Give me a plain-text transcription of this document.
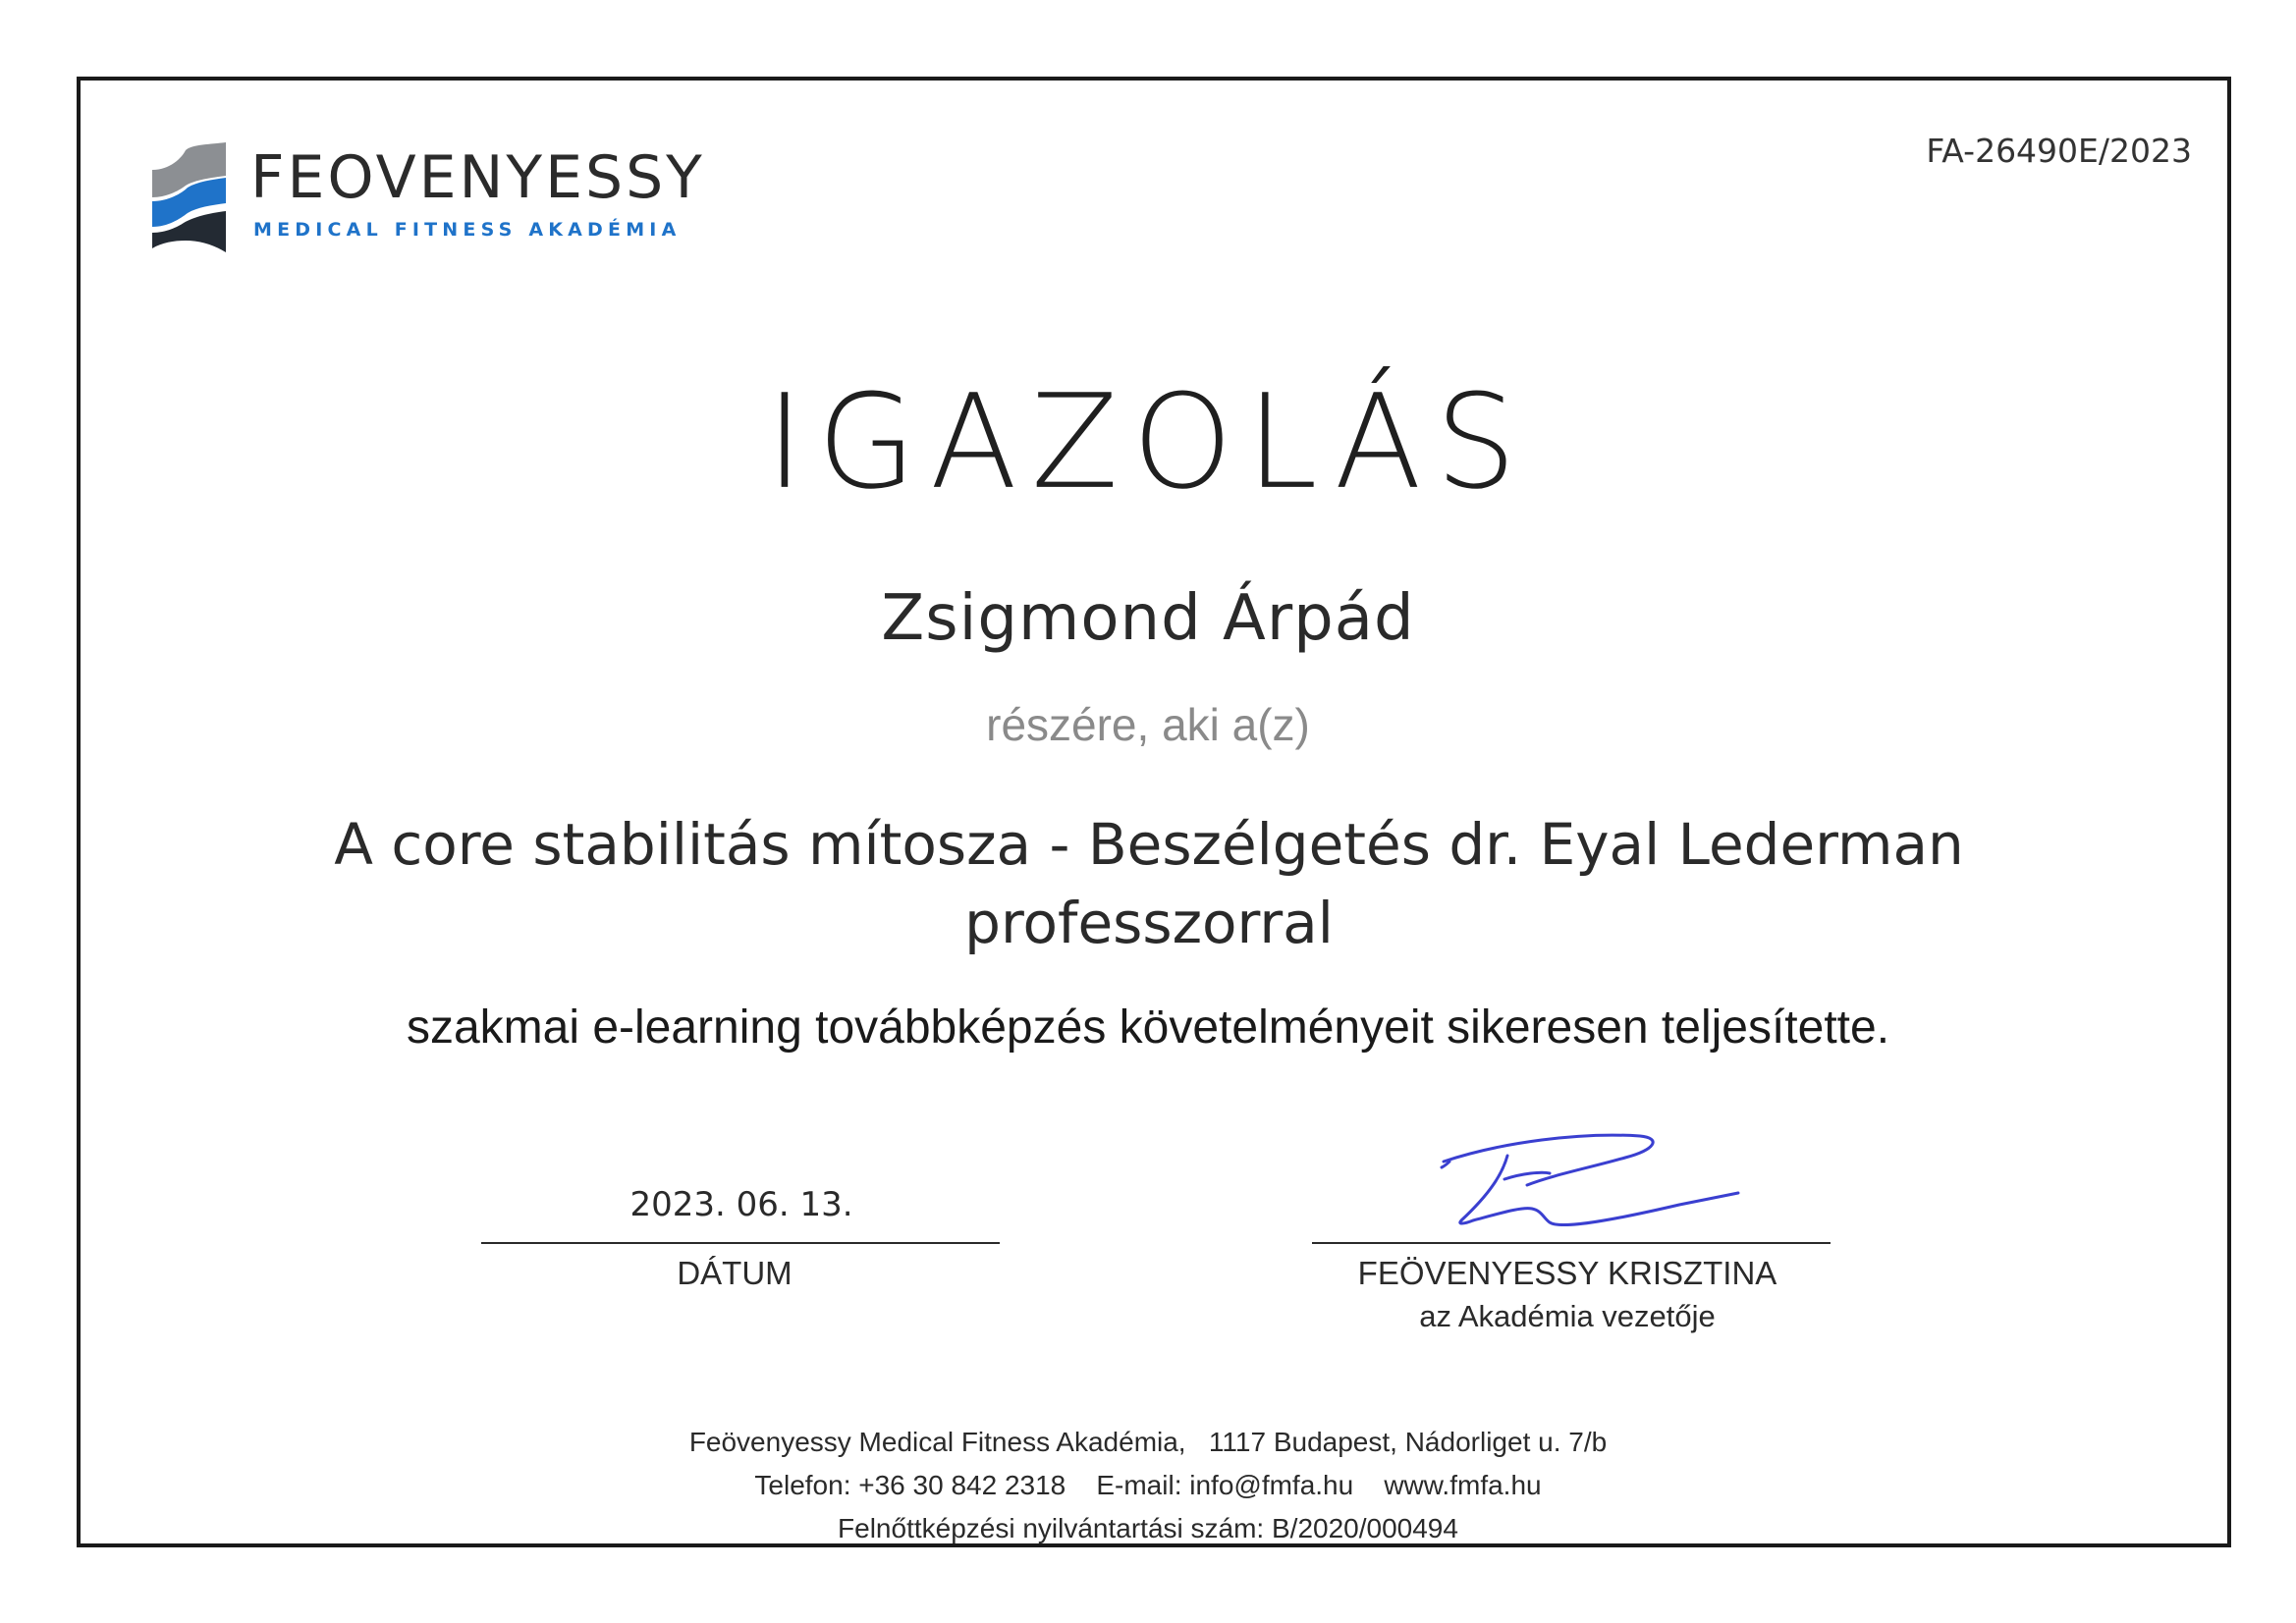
FEOVENYESSY
MEDICAL FITNESS AKADÉMIA
FA-26490E/2023
IGAZOLÁS
Zsigmond Árpád
részére, aki a(z)
A core stabilitás mítosza - Beszélgetés dr. Eyal Lederman professzorral
szakmai e-learning továbbképzés követelményeit sikeresen teljesítette.
2023. 06. 13.
DÁTUM	FEÖVENYESSY KRISZTINA
az Akadémia vezetője
Feövenyessy Medical Fitness Akadémia,   1117 Budapest, Nádorliget u. 7/b
Telefon: +36 30 842 2318    E-mail: info@fmfa.hu    www.fmfa.hu
Felnőttképzési nyilvántartási szám: B/2020/000494
